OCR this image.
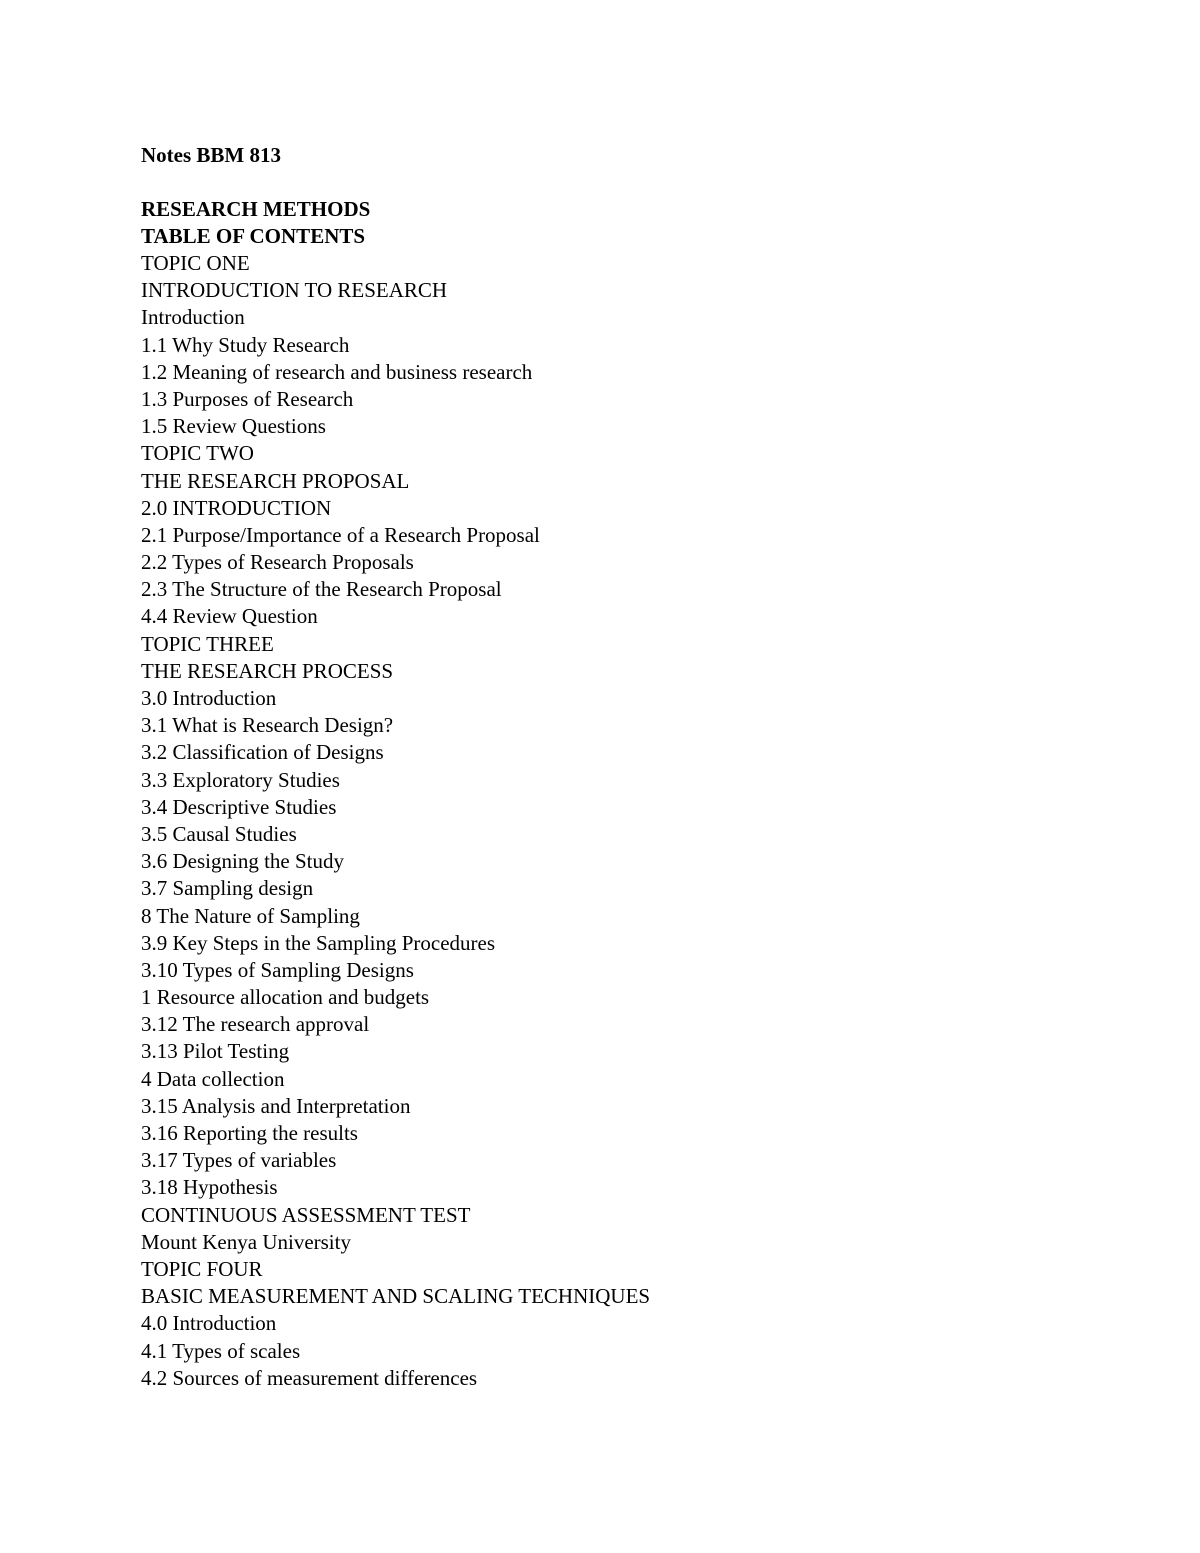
Notes BBM 813
RESEARCH METHODS
TABLE OF CONTENTS
TOPIC ONE
INTRODUCTION TO RESEARCH
Introduction
1.1 Why Study Research
1.2 Meaning of research and business research
1.3 Purposes of Research
1.5 Review Questions
TOPIC TWO
THE RESEARCH PROPOSAL
2.0 INTRODUCTION
2.1 Purpose/Importance of a Research Proposal
2.2 Types of Research Proposals
2.3 The Structure of the Research Proposal
4.4 Review Question
TOPIC THREE
THE RESEARCH PROCESS
3.0 Introduction
3.1 What is Research Design?
3.2 Classification of Designs
3.3 Exploratory Studies
3.4 Descriptive Studies
3.5 Causal Studies
3.6 Designing the Study
3.7 Sampling design
8 The Nature of Sampling
3.9 Key Steps in the Sampling Procedures
3.10 Types of Sampling Designs
1 Resource allocation and budgets
3.12 The research approval
3.13 Pilot Testing
4 Data collection
3.15 Analysis and Interpretation
3.16 Reporting the results
3.17 Types of variables
3.18 Hypothesis
CONTINUOUS ASSESSMENT TEST
Mount Kenya University
TOPIC FOUR
BASIC MEASUREMENT AND SCALING TECHNIQUES
4.0 Introduction
4.1 Types of scales
4.2 Sources of measurement differences
